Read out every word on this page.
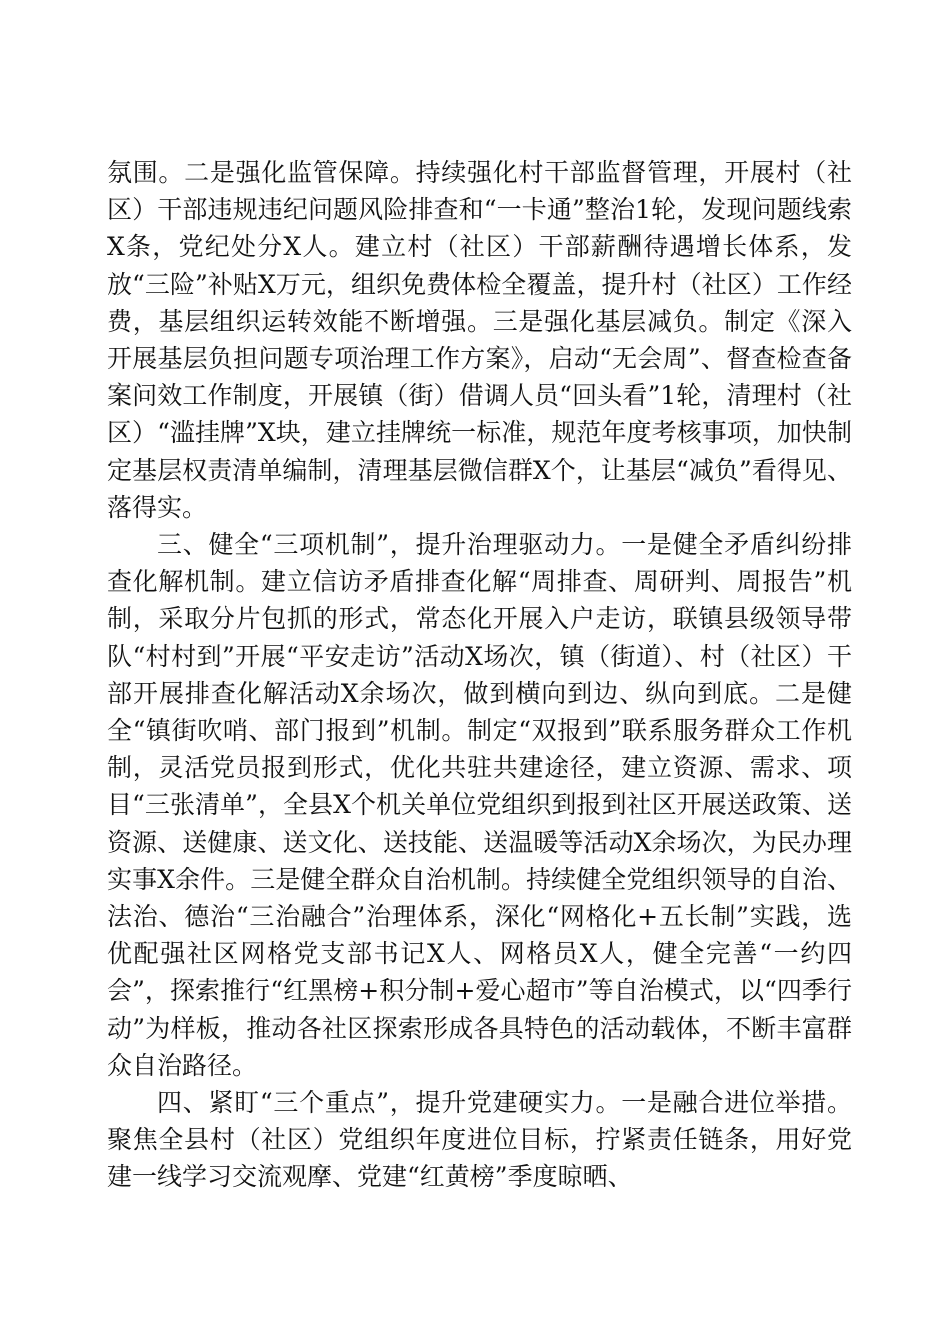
氛围。二是强化监管保障。持续强化村干部监督管理，开展村（社区）干部违规违纪问题风险排查和“一卡通”整治1轮，发现问题线索X条，党纪处分X人。建立村（社区）干部薪酬待遇增长体系，发放“三险”补贴X万元，组织免费体检全覆盖，提升村（社区）工作经费，基层组织运转效能不断增强。三是强化基层减负。制定《深入开展基层负担问题专项治理工作方案》，启动“无会周”、督查检查备案问效工作制度，开展镇（街）借调人员“回头看”1轮，清理村（社区）“滥挂牌”X块，建立挂牌统一标准，规范年度考核事项，加快制定基层权责清单编制，清理基层微信群X个，让基层“减负”看得见、落得实。

三、健全“三项机制”，提升治理驱动力。一是健全矛盾纠纷排查化解机制。建立信访矛盾排查化解“周排查、周研判、周报告”机制，采取分片包抓的形式，常态化开展入户走访，联镇县级领导带队“村村到”开展“平安走访”活动X场次，镇（街道）、村（社区）干部开展排查化解活动X余场次，做到横向到边、纵向到底。二是健全“镇街吹哨、部门报到”机制。制定“双报到”联系服务群众工作机制，灵活党员报到形式，优化共驻共建途径，建立资源、需求、项目“三张清单”，全县X个机关单位党组织到报到社区开展送政策、送资源、送健康、送文化、送技能、送温暖等活动X余场次，为民办理实事X余件。三是健全群众自治机制。持续健全党组织领导的自治、法治、德治“三治融合”治理体系，深化“网格化+五长制”实践，选优配强社区网格党支部书记X人、网格员X人，健全完善“一约四会”，探索推行“红黑榜+积分制+爱心超市”等自治模式，以“四季行动”为样板，推动各社区探索形成各具特色的活动载体，不断丰富群众自治路径。

四、紧盯“三个重点”，提升党建硬实力。一是融合进位举措。聚焦全县村（社区）党组织年度进位目标，拧紧责任链条，用好党建一线学习交流观摩、党建“红黄榜”季度晾晒、
